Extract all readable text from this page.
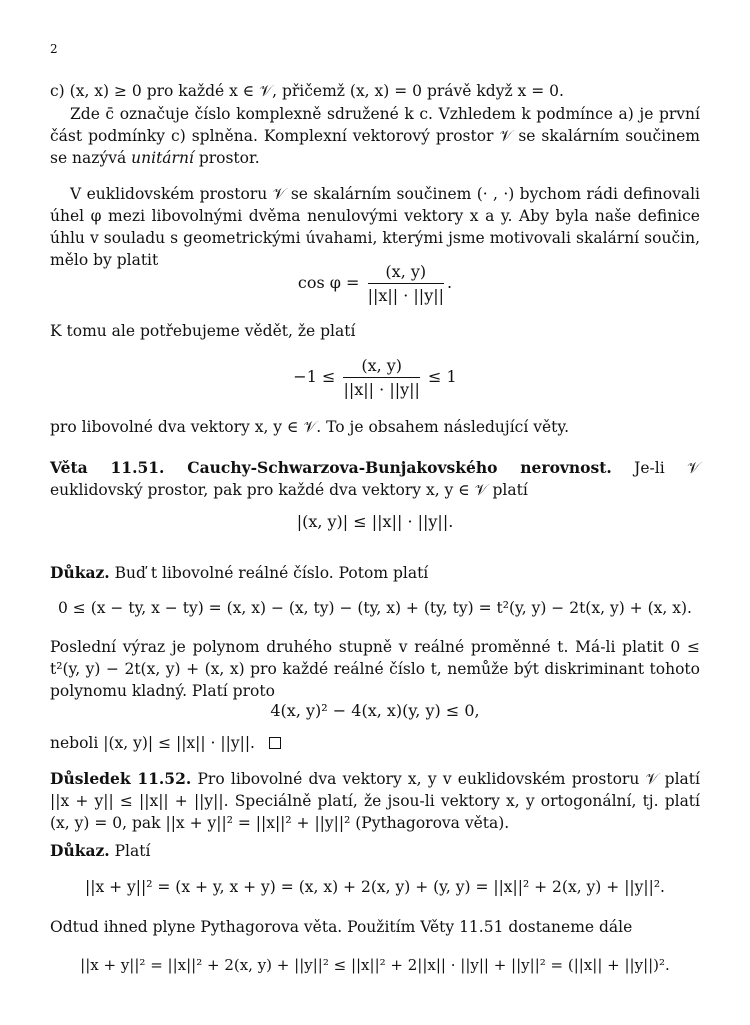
2
c) (x, x) ≥ 0 pro každé x ∈ 𝒱, přičemž (x, x) = 0 právě když x = 0.
Zde c̄ označuje číslo komplexně sdružené k c. Vzhledem k podmínce a) je první část podmínky c) splněna. Komplexní vektorový prostor 𝒱 se skalárním součinem se nazývá unitární prostor.
V euklidovském prostoru 𝒱 se skalárním součinem (· , ·) bychom rádi definovali úhel φ mezi libovolnými dvěma nenulovými vektory x a y. Aby byla naše definice úhlu v souladu s geometrickými úvahami, kterými jsme motivovali skalární součin, mělo by platit
$\cos \varphi = \frac{(x, y)}{||x|| \cdot ||y||}$ .
K tomu ale potřebujeme vědět, že platí
$-1 \le \frac{(x, y)}{||x|| \cdot ||y||} \le 1$
pro libovolné dva vektory x, y ∈ 𝒱. To je obsahem následující věty.
Věta 11.51. Cauchy-Schwarzova-Bunjakovského nerovnost. Je-li 𝒱 euklidovský prostor, pak pro každé dva vektory x, y ∈ 𝒱 platí
|(x, y)| ≤ ||x|| · ||y||.
Důkaz. Buď t libovolné reálné číslo. Potom platí
0 ≤ (x − ty, x − ty) = (x, x) − (x, ty) − (ty, x) + (ty, ty) = t²(y, y) − 2t(x, y) + (x, x).
Poslední výraz je polynom druhého stupně v reálné proměnné t. Má-li platit 0 ≤ t²(y, y) − 2t(x, y) + (x, x) pro každé reálné číslo t, nemůže být diskriminant tohoto polynomu kladný. Platí proto
4(x, y)² − 4(x, x)(y, y) ≤ 0,
neboli |(x, y)| ≤ ||x|| · ||y||.
Důsledek 11.52. Pro libovolné dva vektory x, y v euklidovském prostoru 𝒱 platí ||x + y|| ≤ ||x|| + ||y||. Speciálně platí, že jsou-li vektory x, y ortogonální, tj. platí (x, y) = 0, pak ||x + y||² = ||x||² + ||y||² (Pythagorova věta).
Důkaz. Platí
||x + y||² = (x + y, x + y) = (x, x) + 2(x, y) + (y, y) = ||x||² + 2(x, y) + ||y||².
Odtud ihned plyne Pythagorova věta. Použitím Věty 11.51 dostaneme dále
||x + y||² = ||x||² + 2(x, y) + ||y||² ≤ ||x||² + 2||x|| · ||y|| + ||y||² = (||x|| + ||y||)².
